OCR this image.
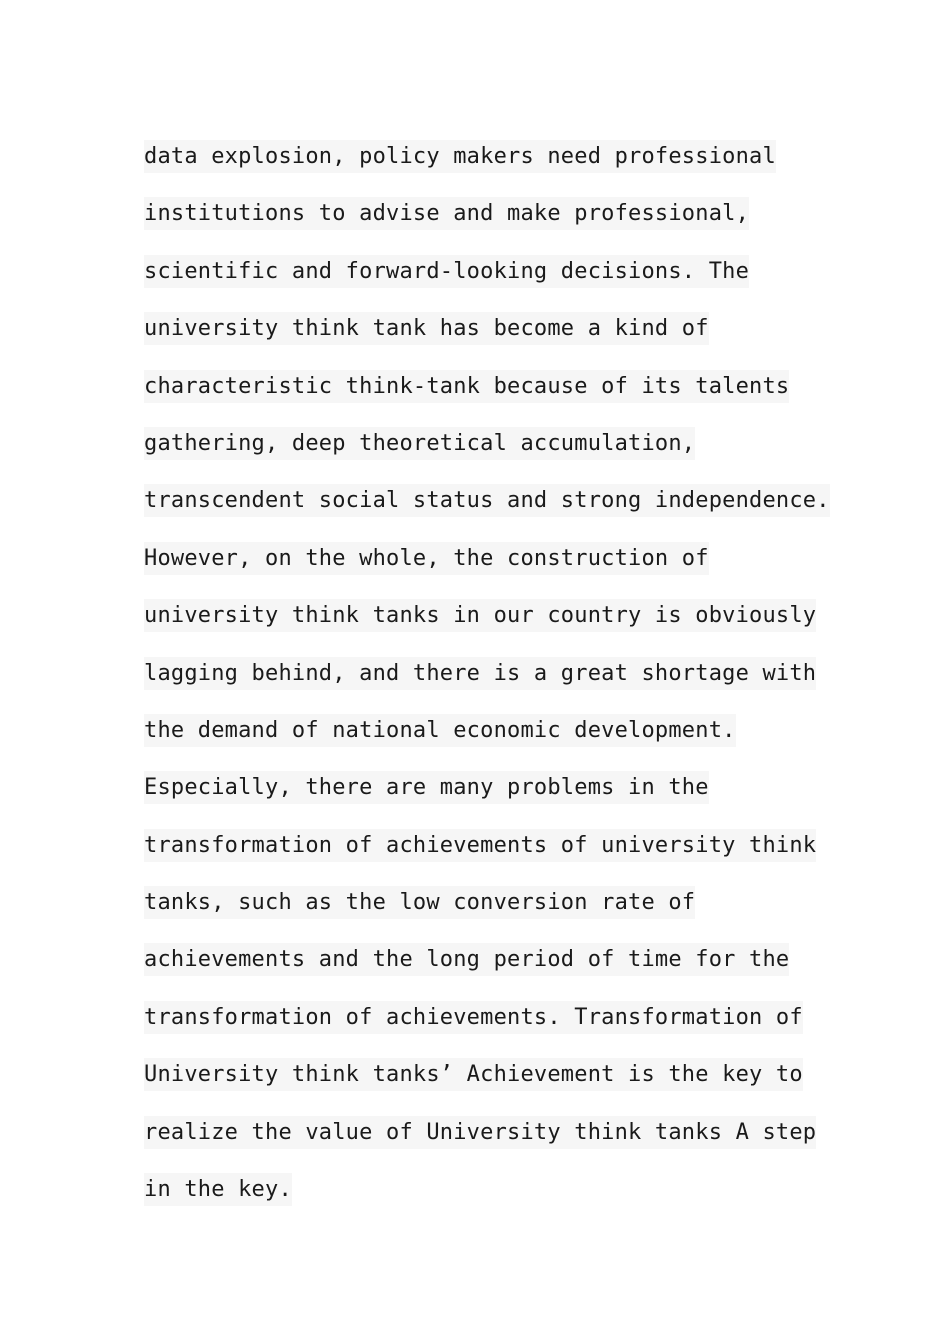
data explosion, policy makers need professional
institutions to advise and make professional,
scientific and forward-looking decisions. The
university think tank has become a kind of
characteristic think-tank because of its talents
gathering, deep theoretical accumulation,
transcendent social status and strong independence.
However, on the whole, the construction of
university think tanks in our country is obviously
lagging behind, and there is a great shortage with
the demand of national economic development.
Especially, there are many problems in the
transformation of achievements of university think
tanks, such as the low conversion rate of
achievements and the long period of time for the
transformation of achievements. Transformation of
University think tanks’ Achievement is the key to
realize the value of University think tanks A step
in the key.
